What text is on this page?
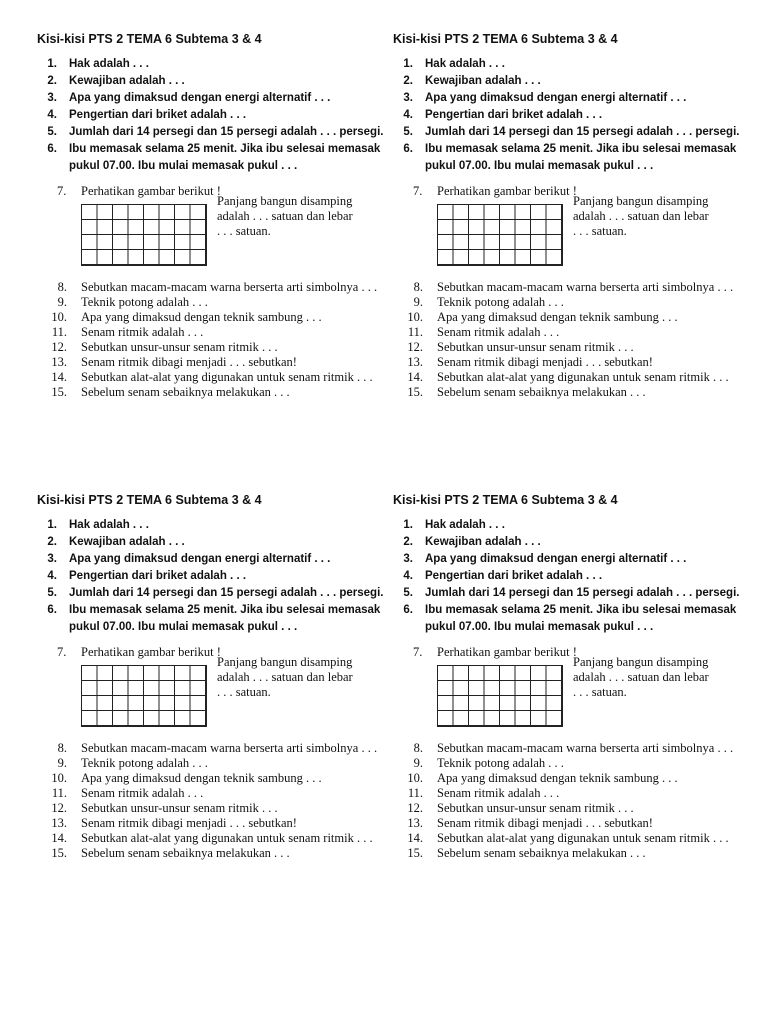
Kisi-kisi PTS 2 TEMA 6 Subtema 3 & 4
1.	Hak adalah . . .
2.	Kewajiban adalah . . .
3.	Apa yang dimaksud dengan energi alternatif . . .
4.	Pengertian dari briket adalah . . .
5.	Jumlah dari 14 persegi dan 15 persegi adalah . . . persegi.
6.	Ibu memasak selama 25 menit. Jika ibu selesai memasak pukul 07.00. Ibu mulai memasak pukul . . .
7. Perhatikan gambar berikut !
Panjang bangun disamping adalah . . . satuan dan lebar . . . satuan.
8.	Sebutkan macam-macam warna berserta arti simbolnya . . .
9.	Teknik potong adalah . . .
10.	Apa yang dimaksud dengan teknik sambung . . .
11.	Senam ritmik adalah . . .
12.	Sebutkan unsur-unsur senam ritmik . . .
13.	Senam ritmik dibagi menjadi . . . sebutkan!
14.	Sebutkan alat-alat yang digunakan untuk senam ritmik . . .
15.	Sebelum senam sebaiknya melakukan . . .
Kisi-kisi PTS 2 TEMA 6 Subtema 3 & 4
1.	Hak adalah . . .
2.	Kewajiban adalah . . .
3.	Apa yang dimaksud dengan energi alternatif . . .
4.	Pengertian dari briket adalah . . .
5.	Jumlah dari 14 persegi dan 15 persegi adalah . . . persegi.
6.	Ibu memasak selama 25 menit. Jika ibu selesai memasak pukul 07.00. Ibu mulai memasak pukul . . .
7. Perhatikan gambar berikut !
Panjang bangun disamping adalah . . . satuan dan lebar . . . satuan.
8.	Sebutkan macam-macam warna berserta arti simbolnya . . .
9.	Teknik potong adalah . . .
10.	Apa yang dimaksud dengan teknik sambung . . .
11.	Senam ritmik adalah . . .
12.	Sebutkan unsur-unsur senam ritmik . . .
13.	Senam ritmik dibagi menjadi . . . sebutkan!
14.	Sebutkan alat-alat yang digunakan untuk senam ritmik . . .
15.	Sebelum senam sebaiknya melakukan . . .
Kisi-kisi PTS 2 TEMA 6 Subtema 3 & 4
1.	Hak adalah . . .
2.	Kewajiban adalah . . .
3.	Apa yang dimaksud dengan energi alternatif . . .
4.	Pengertian dari briket adalah . . .
5.	Jumlah dari 14 persegi dan 15 persegi adalah . . . persegi.
6.	Ibu memasak selama 25 menit. Jika ibu selesai memasak pukul 07.00. Ibu mulai memasak pukul . . .
7. Perhatikan gambar berikut !
Panjang bangun disamping adalah . . . satuan dan lebar . . . satuan.
8.	Sebutkan macam-macam warna berserta arti simbolnya . . .
9.	Teknik potong adalah . . .
10.	Apa yang dimaksud dengan teknik sambung . . .
11.	Senam ritmik adalah . . .
12.	Sebutkan unsur-unsur senam ritmik . . .
13.	Senam ritmik dibagi menjadi . . . sebutkan!
14.	Sebutkan alat-alat yang digunakan untuk senam ritmik . . .
15.	Sebelum senam sebaiknya melakukan . . .
Kisi-kisi PTS 2 TEMA 6 Subtema 3 & 4
1.	Hak adalah . . .
2.	Kewajiban adalah . . .
3.	Apa yang dimaksud dengan energi alternatif . . .
4.	Pengertian dari briket adalah . . .
5.	Jumlah dari 14 persegi dan 15 persegi adalah . . . persegi.
6.	Ibu memasak selama 25 menit. Jika ibu selesai memasak pukul 07.00. Ibu mulai memasak pukul . . .
7. Perhatikan gambar berikut !
Panjang bangun disamping adalah . . . satuan dan lebar . . . satuan.
8.	Sebutkan macam-macam warna berserta arti simbolnya . . .
9.	Teknik potong adalah . . .
10.	Apa yang dimaksud dengan teknik sambung . . .
11.	Senam ritmik adalah . . .
12.	Sebutkan unsur-unsur senam ritmik . . .
13.	Senam ritmik dibagi menjadi . . . sebutkan!
14.	Sebutkan alat-alat yang digunakan untuk senam ritmik . . .
15.	Sebelum senam sebaiknya melakukan . . .
